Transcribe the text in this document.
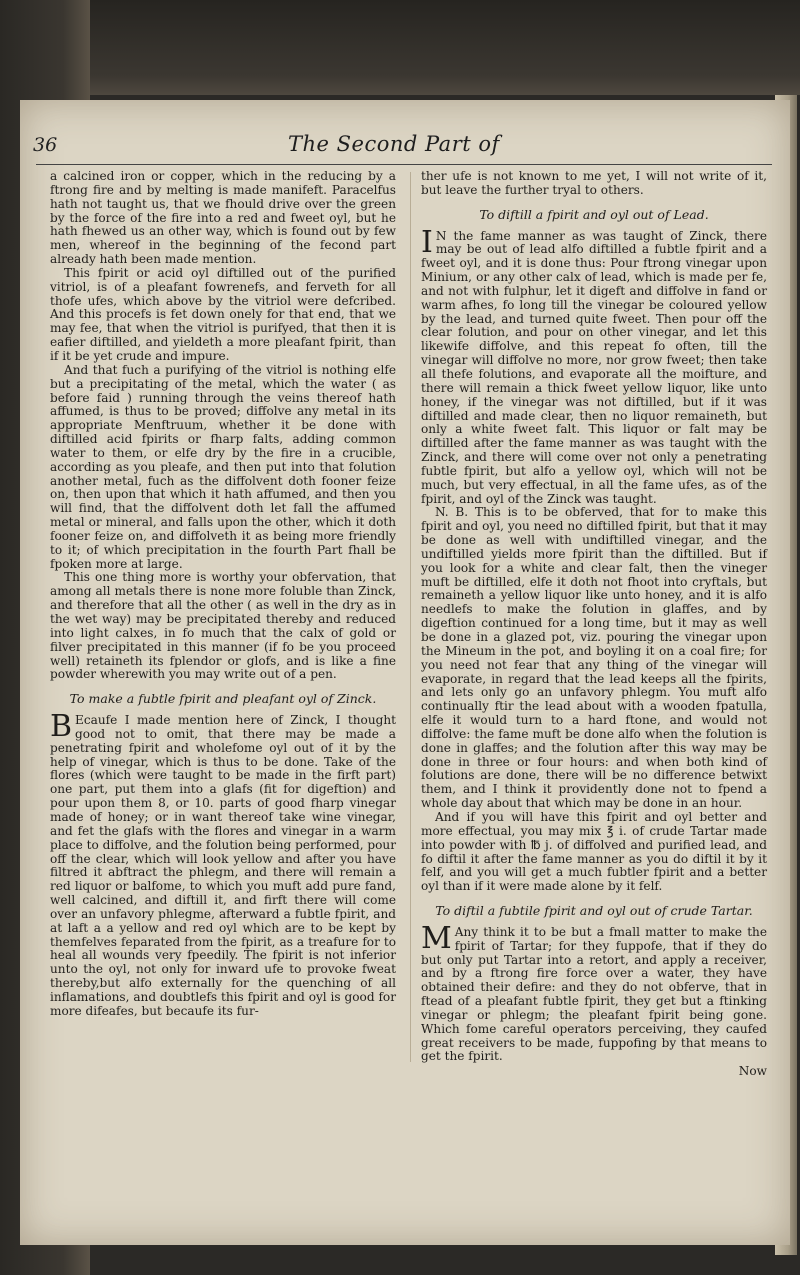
36	The Second Part of

a calcined iron or copper, which in the reducing by a ftrong fire and by melting is made manifeft. Paracelfus hath not taught us, that we fhould drive over the green by the force of the fire into a red and fweet oyl, but he hath fhewed us an other way, which is found out by few men, whereof in the beginning of the fecond part already hath been made mention.

This fpirit or acid oyl diftilled out of the purified vitriol, is of a pleafant fowrenefs, and ferveth for all thofe ufes, which above by the vitriol were defcribed. And this procefs is fet down onely for that end, that we may fee, that when the vitriol is purifyed, that then it is eafier diftilled, and yieldeth a more pleafant fpirit, than if it be yet crude and impure.

And that fuch a purifying of the vitriol is nothing elfe but a precipitating of the metal, which the water ( as before faid ) running through the veins thereof hath affumed, is thus to be proved; diffolve any metal in its appropriate Menftruum, whether it be done with diftilled acid fpirits or fharp falts, adding common water to them, or elfe dry by the fire in a crucible, according as you pleafe, and then put into that folution another metal, fuch as the diffolvent doth fooner feize on, then upon that which it hath affumed, and then you will find, that the diffolvent doth let fall the affumed metal or mineral, and falls upon the other, which it doth fooner feize on, and diffolveth it as being more friendly to it; of which precipitation in the fourth Part fhall be fpoken more at large.

This one thing more is worthy your obfervation, that among all metals there is none more foluble than Zinck, and therefore that all the other ( as well in the dry as in the wet way) may be precipitated thereby and reduced into light calxes, in fo much that the calx of gold or filver precipitated in this manner (if fo be you proceed well) retaineth its fplendor or glofs, and is like a fine powder wherewith you may write out of a pen.

To make a fubtle fpirit and pleafant oyl of Zinck.

B Ecaufe I made mention here of Zinck, I thought good not to omit, that there may be made a penetrating fpirit and wholefome oyl out of it by the help of vinegar, which is thus to be done. Take of the flores (which were taught to be made in the firft part) one part, put them into a glafs (fit for digeftion) and pour upon them 8, or 10. parts of good fharp vinegar made of honey; or in want thereof take wine vinegar, and fet the glafs with the flores and vinegar in a warm place to diffolve, and the folution being performed, pour off the clear, which will look yellow and after you have filtred it abftract the phlegm, and there will remain a red liquor or balfome, to which you muft add pure fand, well calcined, and diftill it, and firft there will come over an unfavory phlegme, afterward a fubtle fpirit, and at laft a a yellow and red oyl which are to be kept by themfelves feparated from the fpirit, as a treafure for to heal all wounds very fpeedily. The fpirit is not inferior unto the oyl, not only for inward ufe to provoke fweat thereby,but alfo externally for the quenching of all inflamations, and doubtlefs this fpirit and oyl is good for more difeafes, but becaufe its fur-

ther ufe is not known to me yet, I will not write of it, but leave the further tryal to others.

To diftill a fpirit and oyl out of Lead.

I N the fame manner as was taught of Zinck, there may be out of lead alfo diftilled a fubtle fpirit and a fweet oyl, and it is done thus: Pour ftrong vinegar upon Minium, or any other calx of lead, which is made per fe, and not with fulphur, let it digeft and diffolve in fand or warm afhes, fo long till the vinegar be coloured yellow by the lead, and turned quite fweet. Then pour off the clear folution, and pour on other vinegar, and let this likewife diffolve, and this repeat fo often, till the vinegar will diffolve no more, nor grow fweet; then take all thefe folutions, and evaporate all the moifture, and there will remain a thick fweet yellow liquor, like unto honey, if the vinegar was not diftilled, but if it was diftilled and made clear, then no liquor remaineth, but only a white fweet falt. This liquor or falt may be diftilled after the fame manner as was taught with the Zinck, and there will come over not only a penetrating fubtle fpirit, but alfo a yellow oyl, which will not be much, but very effectual, in all the fame ufes, as of the fpirit, and oyl of the Zinck was taught.

N. B. This is to be obferved, that for to make this fpirit and oyl, you need no diftilled fpirit, but that it may be done as well with undiftilled vinegar, and the undiftilled yields more fpirit than the diftilled. But if you look for a white and clear falt, then the vineger muft be diftilled, elfe it doth not fhoot into cryftals, but remaineth a yellow liquor like unto honey, and it is alfo needlefs to make the folution in glaffes, and by digeftion continued for a long time, but it may as well be done in a glazed pot, viz. pouring the vinegar upon the Mineum in the pot, and boyling it on a coal fire; for you need not fear that any thing of the vinegar will evaporate, in regard that the lead keeps all the fpirits, and lets only go an unfavory phlegm. You muft alfo continually ftir the lead about with a wooden fpatulla, elfe it would turn to a hard ftone, and would not diffolve: the fame muft be done alfo when the folution is done in glaffes; and the folution after this way may be done in three or four hours: and when both kind of folutions are done, there will be no difference betwixt them, and I think it providently done not to fpend a whole day about that which may be done in an hour.

And if you will have this fpirit and oyl better and more effectual, you may mix ℥ i. of crude Tartar made into powder with ℔ j. of diffolved and purified lead, and fo diftil it after the fame manner as you do diftil it by it felf, and you will get a much fubtler fpirit and a better oyl than if it were made alone by it felf.

To diftil a fubtile fpirit and oyl out of crude Tartar.

M Any think it to be but a fmall matter to make the fpirit of Tartar; for they fuppofe, that if they do but only put Tartar into a retort, and apply a receiver, and by a ftrong fire force over a water, they have obtained their defire: and they do not obferve, that in ftead of a pleafant fubtle fpirit, they get but a ftinking vinegar or phlegm; the pleafant fpirit being gone. Which fome careful operators perceiving, they caufed great receivers to be made, fuppofing by that means to get the fpirit.

Now
